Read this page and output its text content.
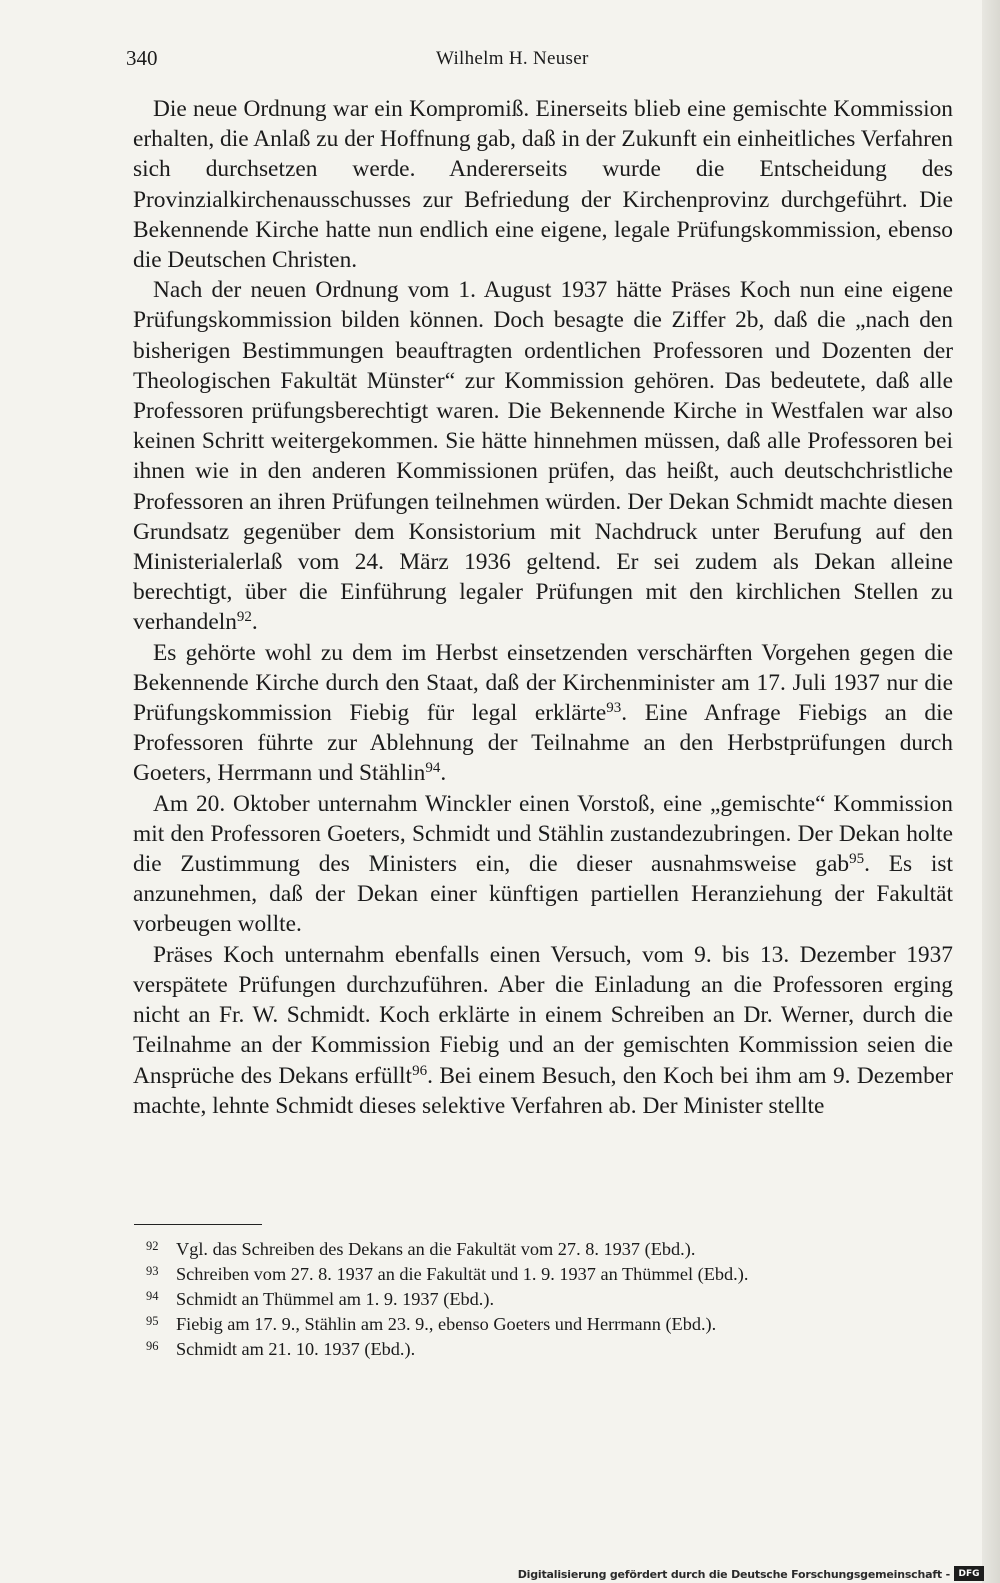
340	Wilhelm H. Neuser

Die neue Ordnung war ein Kompromiß. Einerseits blieb eine gemischte Kommission erhalten, die Anlaß zu der Hoffnung gab, daß in der Zukunft ein einheitliches Verfahren sich durchsetzen werde. Andererseits wurde die Entscheidung des Provinzialkirchenausschusses zur Befriedung der Kirchenprovinz durchgeführt. Die Bekennende Kirche hatte nun endlich eine eigene, legale Prüfungskommission, ebenso die Deutschen Christen.

Nach der neuen Ordnung vom 1. August 1937 hätte Präses Koch nun eine eigene Prüfungskommission bilden können. Doch besagte die Ziffer 2b, daß die „nach den bisherigen Bestimmungen beauftragten ordentlichen Professoren und Dozenten der Theologischen Fakultät Münster“ zur Kommission gehören. Das bedeutete, daß alle Professoren prüfungsberechtigt waren. Die Bekennende Kirche in Westfalen war also keinen Schritt weitergekommen. Sie hätte hinnehmen müssen, daß alle Professoren bei ihnen wie in den anderen Kommissionen prüfen, das heißt, auch deutschchristliche Professoren an ihren Prüfungen teilnehmen würden. Der Dekan Schmidt machte diesen Grundsatz gegenüber dem Konsistorium mit Nachdruck unter Berufung auf den Ministerialerlaß vom 24. März 1936 geltend. Er sei zudem als Dekan alleine berechtigt, über die Einführung legaler Prüfungen mit den kirchlichen Stellen zu verhandeln$^{92}$.

Es gehörte wohl zu dem im Herbst einsetzenden verschärften Vorgehen gegen die Bekennende Kirche durch den Staat, daß der Kirchenminister am 17. Juli 1937 nur die Prüfungskommission Fiebig für legal erklärte$^{93}$. Eine Anfrage Fiebigs an die Professoren führte zur Ablehnung der Teilnahme an den Herbstprüfungen durch Goeters, Herrmann und Stählin$^{94}$.

Am 20. Oktober unternahm Winckler einen Vorstoß, eine „gemischte“ Kommission mit den Professoren Goeters, Schmidt und Stählin zustandezubringen. Der Dekan holte die Zustimmung des Ministers ein, die dieser ausnahmsweise gab$^{95}$. Es ist anzunehmen, daß der Dekan einer künftigen partiellen Heranziehung der Fakultät vorbeugen wollte.

Präses Koch unternahm ebenfalls einen Versuch, vom 9. bis 13. Dezember 1937 verspätete Prüfungen durchzuführen. Aber die Einladung an die Professoren erging nicht an Fr. W. Schmidt. Koch erklärte in einem Schreiben an Dr. Werner, durch die Teilnahme an der Kommission Fiebig und an der gemischten Kommission seien die Ansprüche des Dekans erfüllt$^{96}$. Bei einem Besuch, den Koch bei ihm am 9. Dezember machte, lehnte Schmidt dieses selektive Verfahren ab. Der Minister stellte

92 Vgl. das Schreiben des Dekans an die Fakultät vom 27. 8. 1937 (Ebd.).
93 Schreiben vom 27. 8. 1937 an die Fakultät und 1. 9. 1937 an Thümmel (Ebd.).
94 Schmidt an Thümmel am 1. 9. 1937 (Ebd.).
95 Fiebig am 17. 9., Stählin am 23. 9., ebenso Goeters und Herrmann (Ebd.).
96 Schmidt am 21. 10. 1937 (Ebd.).
Digitalisierung gefördert durch die Deutsche Forschungsgemeinschaft - DFG
